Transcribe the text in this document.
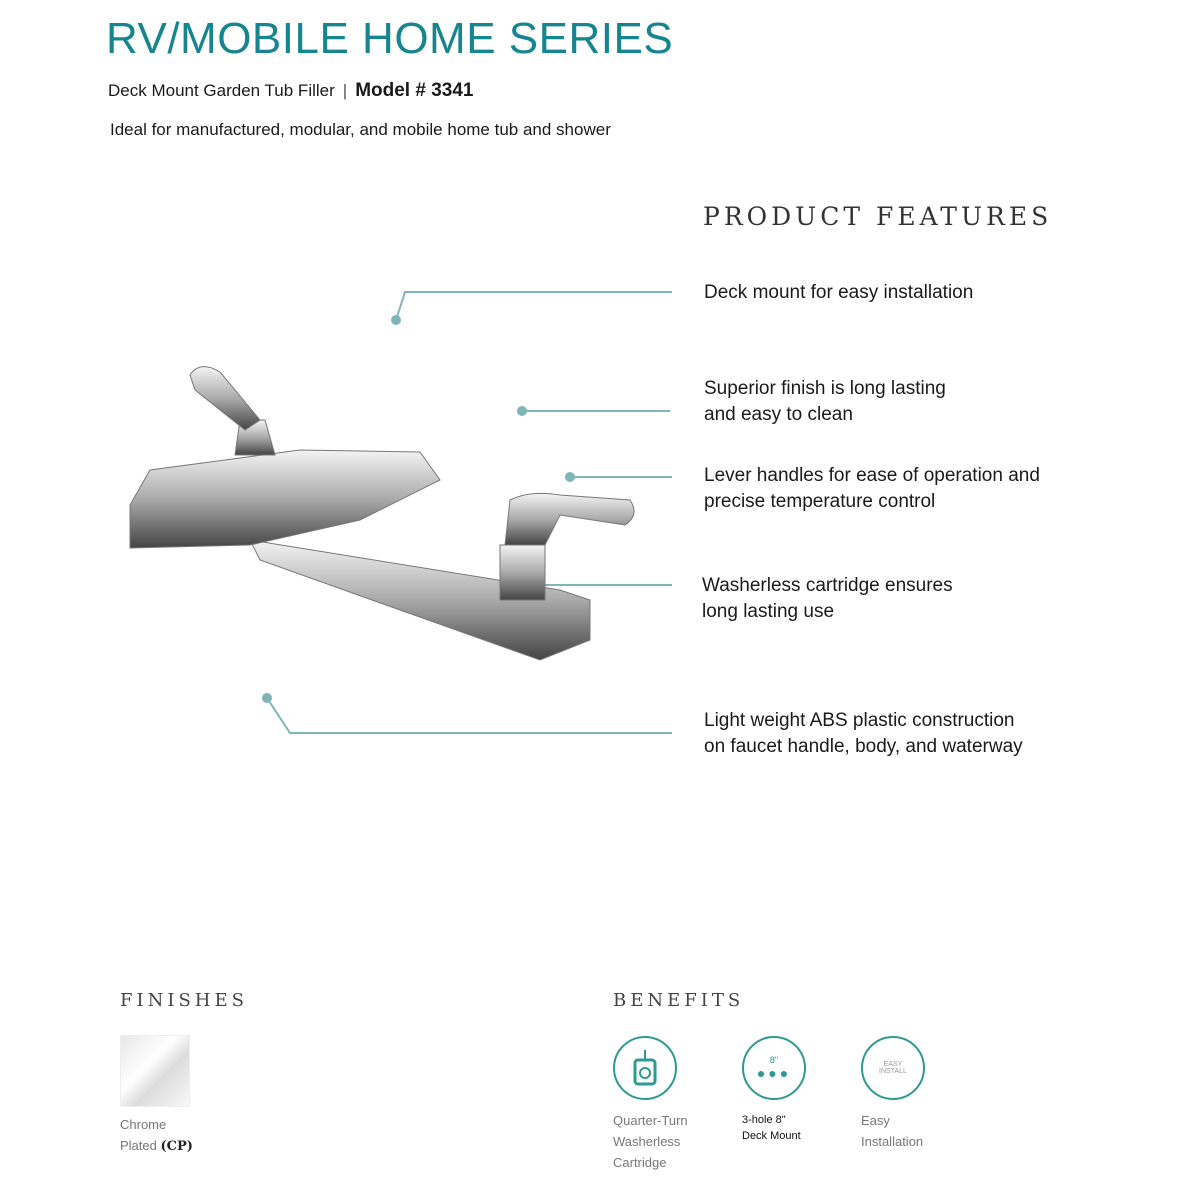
RV/MOBILE HOME SERIES
Deck Mount Garden Tub Filler | Model # 3341
Ideal for manufactured, modular, and mobile home tub and shower
PRODUCT FEATURES
Deck mount for easy installation
Superior finish is long lasting
and easy to clean
Lever handles for ease of operation and
precise temperature control
Washerless cartridge ensures
long lasting use
Light weight ABS plastic construction
on faucet handle, body, and waterway
FINISHES
Chrome
Plated (CP)
BENEFITS
Quarter-Turn
Washerless
Cartridge
8"
●●●
3-hole 8"
Deck Mount
EASY INSTALL
Easy
Installation
